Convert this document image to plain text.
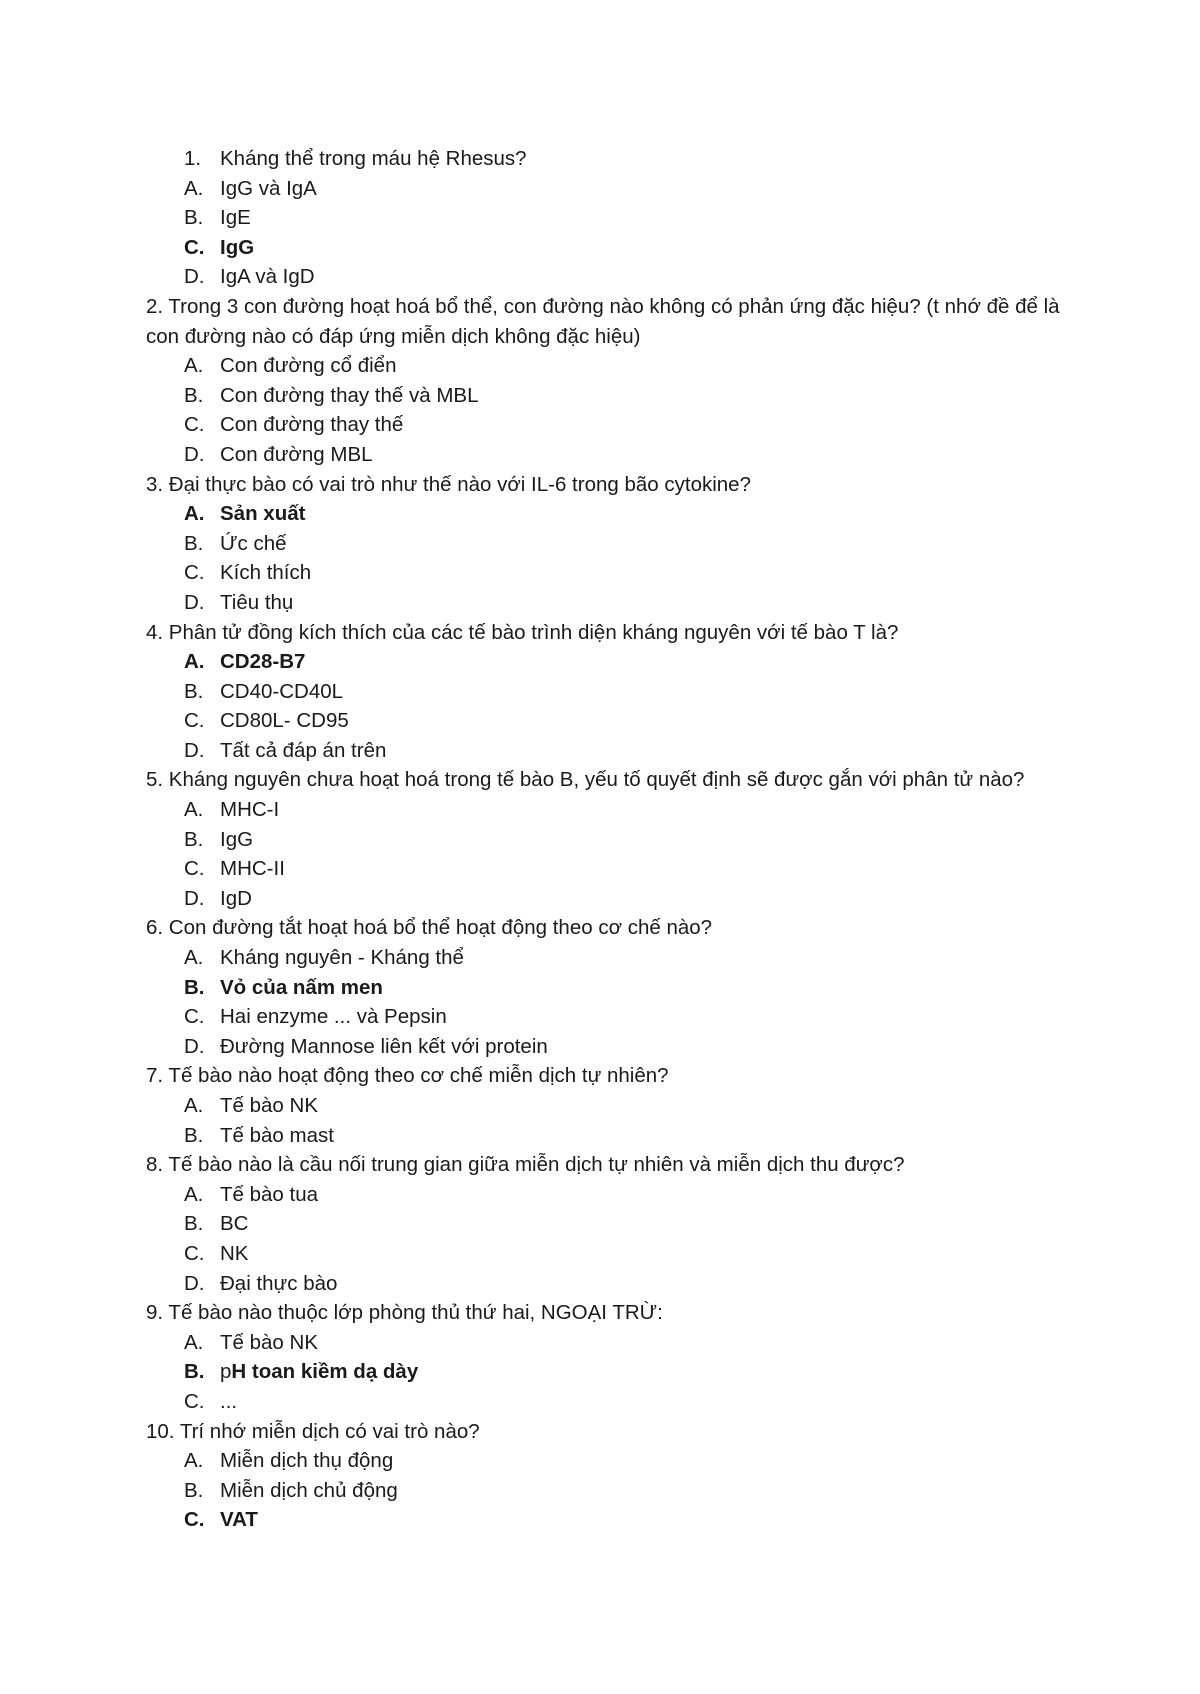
1. Kháng thể trong máu hệ Rhesus?
A. IgG và IgA
B. IgE
C. IgG
D. IgA và IgD
2. Trong 3 con đường hoạt hoá bổ thể, con đường nào không có phản ứng đặc hiệu? (t nhớ đề để là con đường nào có đáp ứng miễn dịch không đặc hiệu)
A. Con đường cổ điển
B. Con đường thay thế và MBL
C. Con đường thay thế
D. Con đường MBL
3. Đại thực bào có vai trò như thế nào với IL-6 trong bão cytokine?
A. Sản xuất
B. Ức chế
C. Kích thích
D. Tiêu thụ
4. Phân tử đồng kích thích của các tế bào trình diện kháng nguyên với tế bào T là?
A. CD28-B7
B. CD40-CD40L
C. CD80L- CD95
D. Tất cả đáp án trên
5. Kháng nguyên chưa hoạt hoá trong tế bào B, yếu tố quyết định sẽ được gắn với phân tử nào?
A. MHC-I
B. IgG
C. MHC-II
D. IgD
6. Con đường tắt hoạt hoá bổ thể hoạt động theo cơ chế nào?
A. Kháng nguyên - Kháng thể
B. Vỏ của nấm men
C. Hai enzyme ... và Pepsin
D. Đường Mannose liên kết với protein
7. Tế bào nào hoạt động theo cơ chế miễn dịch tự nhiên?
A. Tế bào NK
B. Tế bào mast
8. Tế bào nào là cầu nối trung gian giữa miễn dịch tự nhiên và miễn dịch thu được?
A. Tế bào tua
B. BC
C. NK
D. Đại thực bào
9. Tế bào nào thuộc lớp phòng thủ thứ hai, NGOẠI TRỪ:
A. Tế bào NK
B. pH toan kiềm dạ dày
C. ...
10. Trí nhớ miễn dịch có vai trò nào?
A. Miễn dịch thụ động
B. Miễn dịch chủ động
C. VAT
